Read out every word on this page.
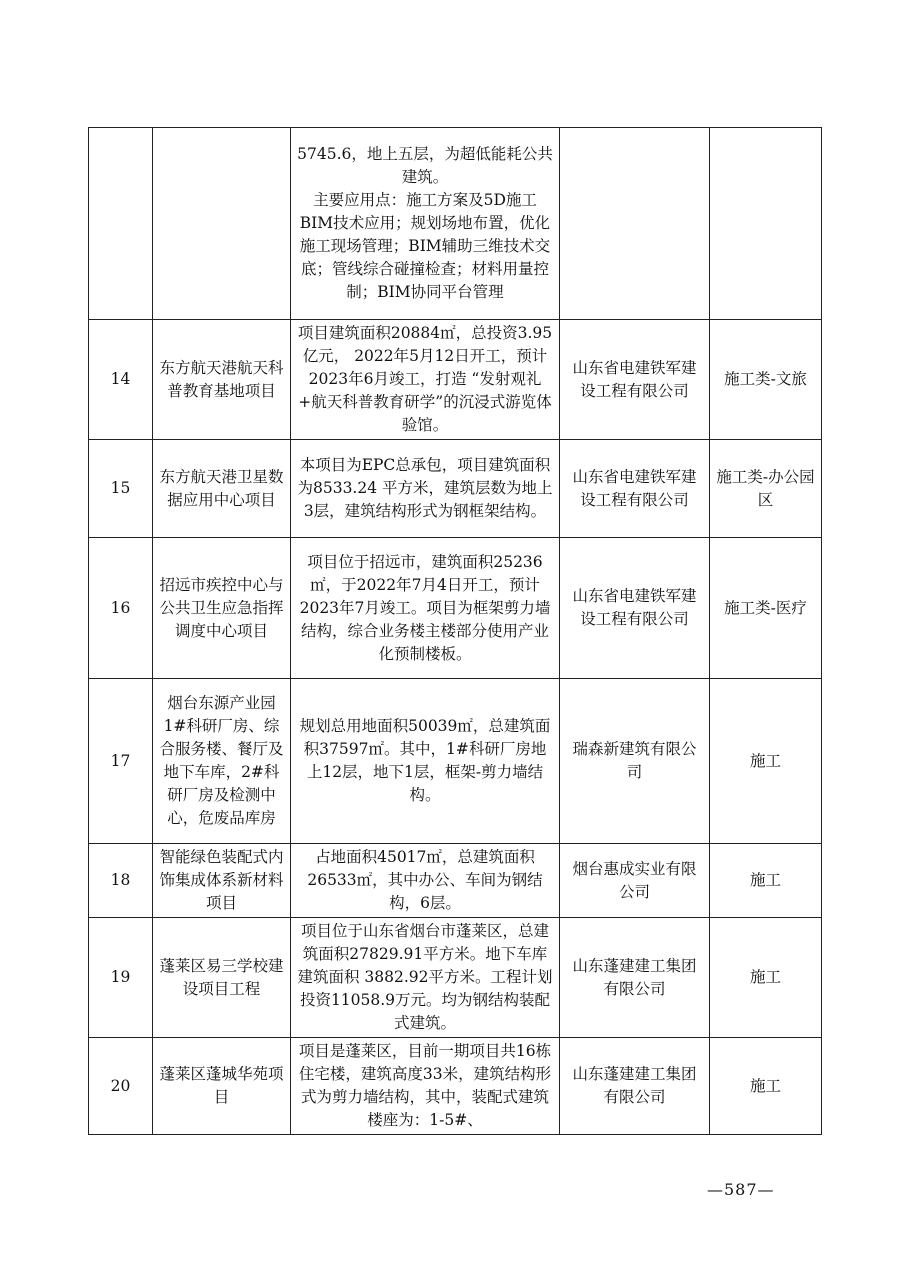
		5745.6，地上五层，为超低能耗公共建筑。

主要应用点：施工方案及5D施工BIM技术应用；规划场地布置，优化施工现场管理；BIM辅助三维技术交底；管线综合碰撞检查；材料用量控制；BIM协同平台管理		

14	东方航天港航天科普教育基地项目	项目建筑面积20884㎡，总投资3.95亿元， 2022年5月12日开工，预计2023年6月竣工，打造 “发射观礼+航天科普教育研学”的沉浸式游览体验馆。	山东省电建铁军建设工程有限公司	施工类-文旅
15	东方航天港卫星数据应用中心项目	本项目为EPC总承包，项目建筑面积为8533.24 平方米，建筑层数为地上 3层，建筑结构形式为钢框架结构。	山东省电建铁军建设工程有限公司	施工类-办公园区
16	招远市疾控中心与公共卫生应急指挥调度中心项目	项目位于招远市，建筑面积25236㎡，于2022年7月4日开工，预计2023年7月竣工。项目为框架剪力墙结构，综合业务楼主楼部分使用产业化预制楼板。	山东省电建铁军建设工程有限公司	施工类-医疗
17	烟台东源产业园1#科研厂房、综合服务楼、餐厅及地下车库，2#科研厂房及检测中心，危废品库房	规划总用地面积50039㎡，总建筑面积37597㎡。其中，1#科研厂房地上12层，地下1层，框架-剪力墙结构。	瑞森新建筑有限公司	施工
18	智能绿色装配式内饰集成体系新材料项目	占地面积45017㎡，总建筑面积26533㎡，其中办公、车间为钢结构，6层。	烟台惠成实业有限公司	施工
19	蓬莱区易三学校建设项目工程	项目位于山东省烟台市蓬莱区，总建筑面积27829.91平方米。地下车库建筑面积 3882.92平方米。工程计划投资11058.9万元。均为钢结构装配式建筑。	山东蓬建建工集团有限公司	施工
20	蓬莱区蓬城华苑项目	项目是蓬莱区，目前一期项目共16栋住宅楼，建筑高度33米，建筑结构形式为剪力墙结构，其中，装配式建筑楼座为：1-5#、	山东蓬建建工集团有限公司	施工
—587—
